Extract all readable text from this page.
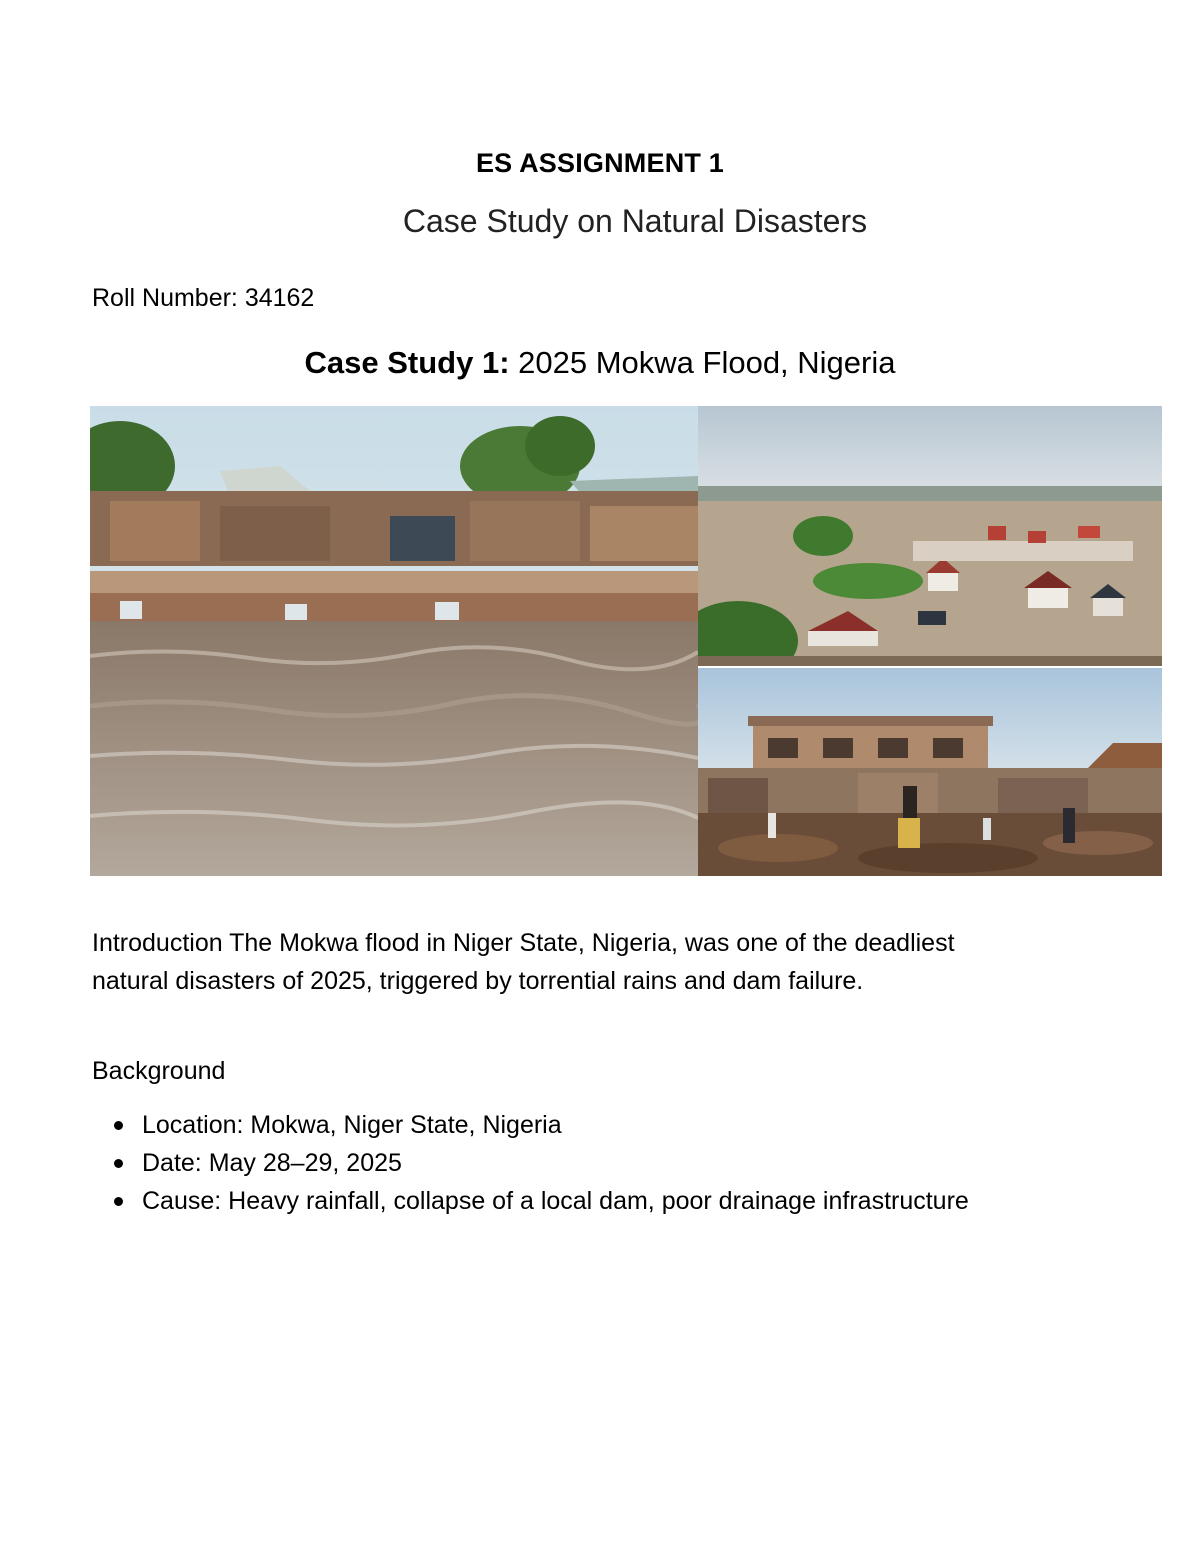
ES ASSIGNMENT 1
Case Study on Natural Disasters
Roll Number: 34162
Case Study 1: 2025 Mokwa Flood, Nigeria
Introduction The Mokwa flood in Niger State, Nigeria, was one of the deadliest natural disasters of 2025, triggered by torrential rains and dam failure.
Background
Location: Mokwa, Niger State, Nigeria
Date: May 28–29, 2025
Cause: Heavy rainfall, collapse of a local dam, poor drainage infrastructure
